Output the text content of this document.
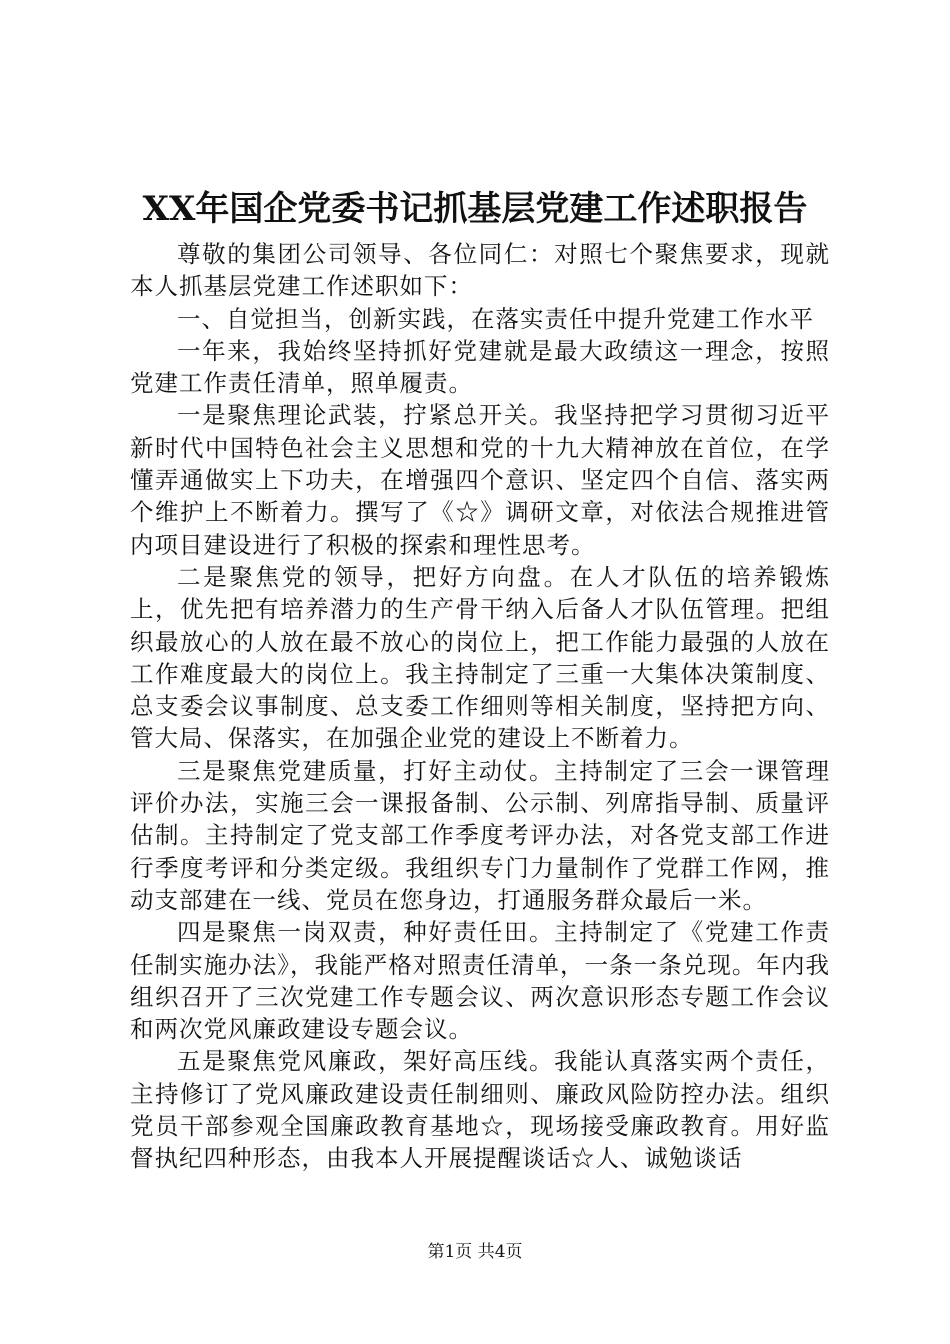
XX年国企党委书记抓基层党建工作述职报告

尊敬的集团公司领导、各位同仁：对照七个聚焦要求，现就本人抓基层党建工作述职如下：

一、自觉担当，创新实践，在落实责任中提升党建工作水平

一年来，我始终坚持抓好党建就是最大政绩这一理念，按照党建工作责任清单，照单履责。

一是聚焦理论武装，拧紧总开关。我坚持把学习贯彻习近平新时代中国特色社会主义思想和党的十九大精神放在首位，在学懂弄通做实上下功夫，在增强四个意识、坚定四个自信、落实两个维护上不断着力。撰写了《☆》调研文章，对依法合规推进管内项目建设进行了积极的探索和理性思考。

二是聚焦党的领导，把好方向盘。在人才队伍的培养锻炼上，优先把有培养潜力的生产骨干纳入后备人才队伍管理。把组织最放心的人放在最不放心的岗位上，把工作能力最强的人放在工作难度最大的岗位上。我主持制定了三重一大集体决策制度、总支委会议事制度、总支委工作细则等相关制度，坚持把方向、管大局、保落实，在加强企业党的建设上不断着力。

三是聚焦党建质量，打好主动仗。主持制定了三会一课管理评价办法，实施三会一课报备制、公示制、列席指导制、质量评估制。主持制定了党支部工作季度考评办法，对各党支部工作进行季度考评和分类定级。我组织专门力量制作了党群工作网，推动支部建在一线、党员在您身边，打通服务群众最后一米。

四是聚焦一岗双责，种好责任田。主持制定了《党建工作责任制实施办法》，我能严格对照责任清单，一条一条兑现。年内我组织召开了三次党建工作专题会议、两次意识形态专题工作会议和两次党风廉政建设专题会议。

五是聚焦党风廉政，架好高压线。我能认真落实两个责任，主持修订了党风廉政建设责任制细则、廉政风险防控办法。组织党员干部参观全国廉政教育基地☆，现场接受廉政教育。用好监督执纪四种形态，由我本人开展提醒谈话☆人、诚勉谈话

第1页 共4页
